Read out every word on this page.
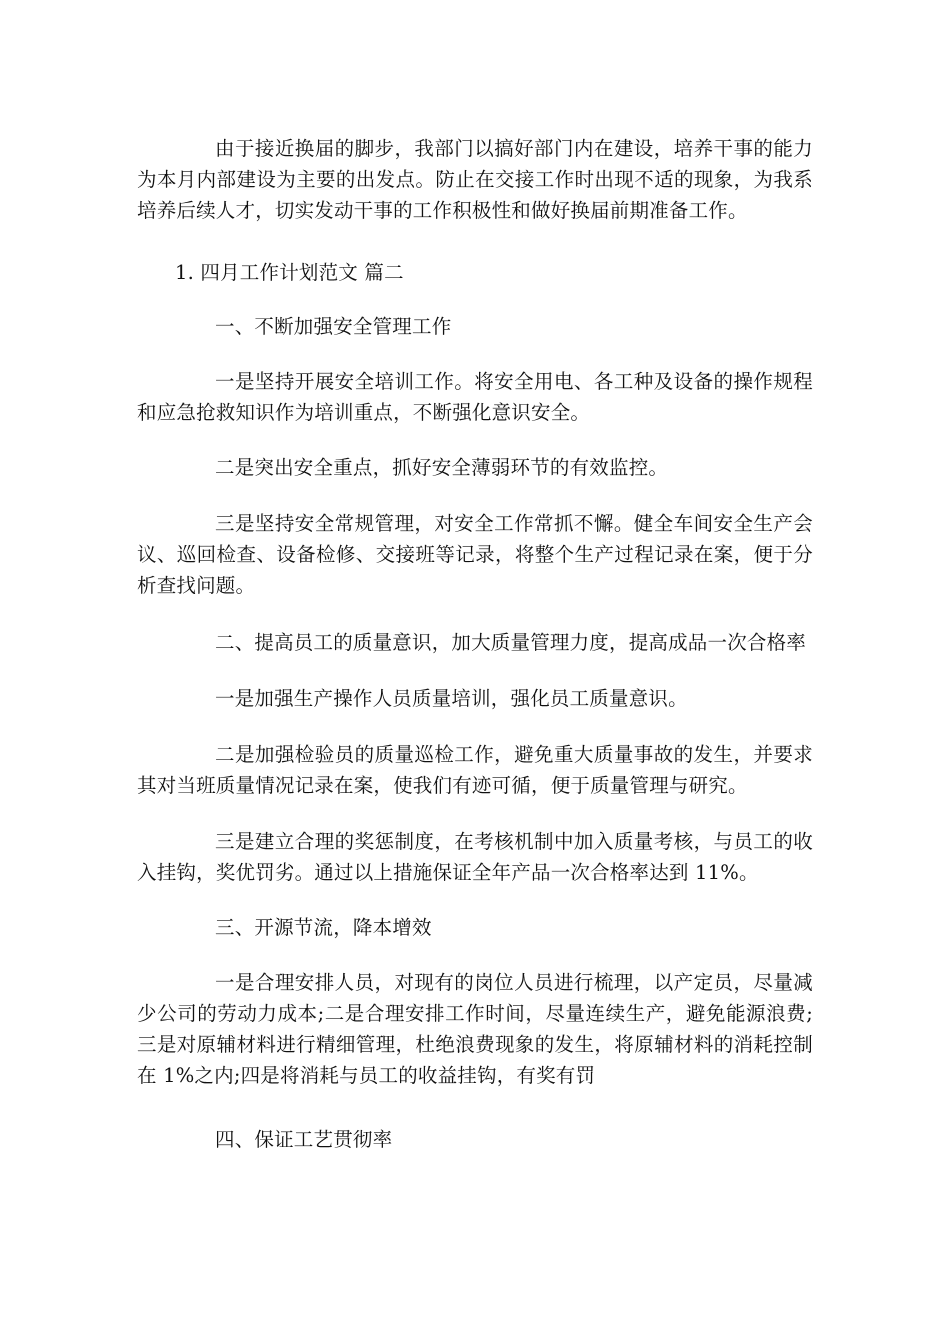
由于接近换届的脚步，我部门以搞好部门内在建设，培养干事的能力为本月内部建设为主要的出发点。防止在交接工作时出现不适的现象，为我系培养后续人才，切实发动干事的工作积极性和做好换届前期准备工作。

1. 四月工作计划范文 篇二

一、不断加强安全管理工作

一是坚持开展安全培训工作。将安全用电、各工种及设备的操作规程和应急抢救知识作为培训重点，不断强化意识安全。

二是突出安全重点，抓好安全薄弱环节的有效监控。

三是坚持安全常规管理，对安全工作常抓不懈。健全车间安全生产会议、巡回检查、设备检修、交接班等记录，将整个生产过程记录在案，便于分析查找问题。

二、提高员工的质量意识，加大质量管理力度，提高成品一次合格率

一是加强生产操作人员质量培训，强化员工质量意识。

二是加强检验员的质量巡检工作，避免重大质量事故的发生，并要求其对当班质量情况记录在案，使我们有迹可循，便于质量管理与研究。

三是建立合理的奖惩制度，在考核机制中加入质量考核，与员工的收入挂钩，奖优罚劣。通过以上措施保证全年产品一次合格率达到 11%。

三、开源节流，降本增效

一是合理安排人员，对现有的岗位人员进行梳理，以产定员，尽量减少公司的劳动力成本;二是合理安排工作时间，尽量连续生产，避免能源浪费;三是对原辅材料进行精细管理，杜绝浪费现象的发生，将原辅材料的消耗控制在 1%之内;四是将消耗与员工的收益挂钩，有奖有罚

四、保证工艺贯彻率
